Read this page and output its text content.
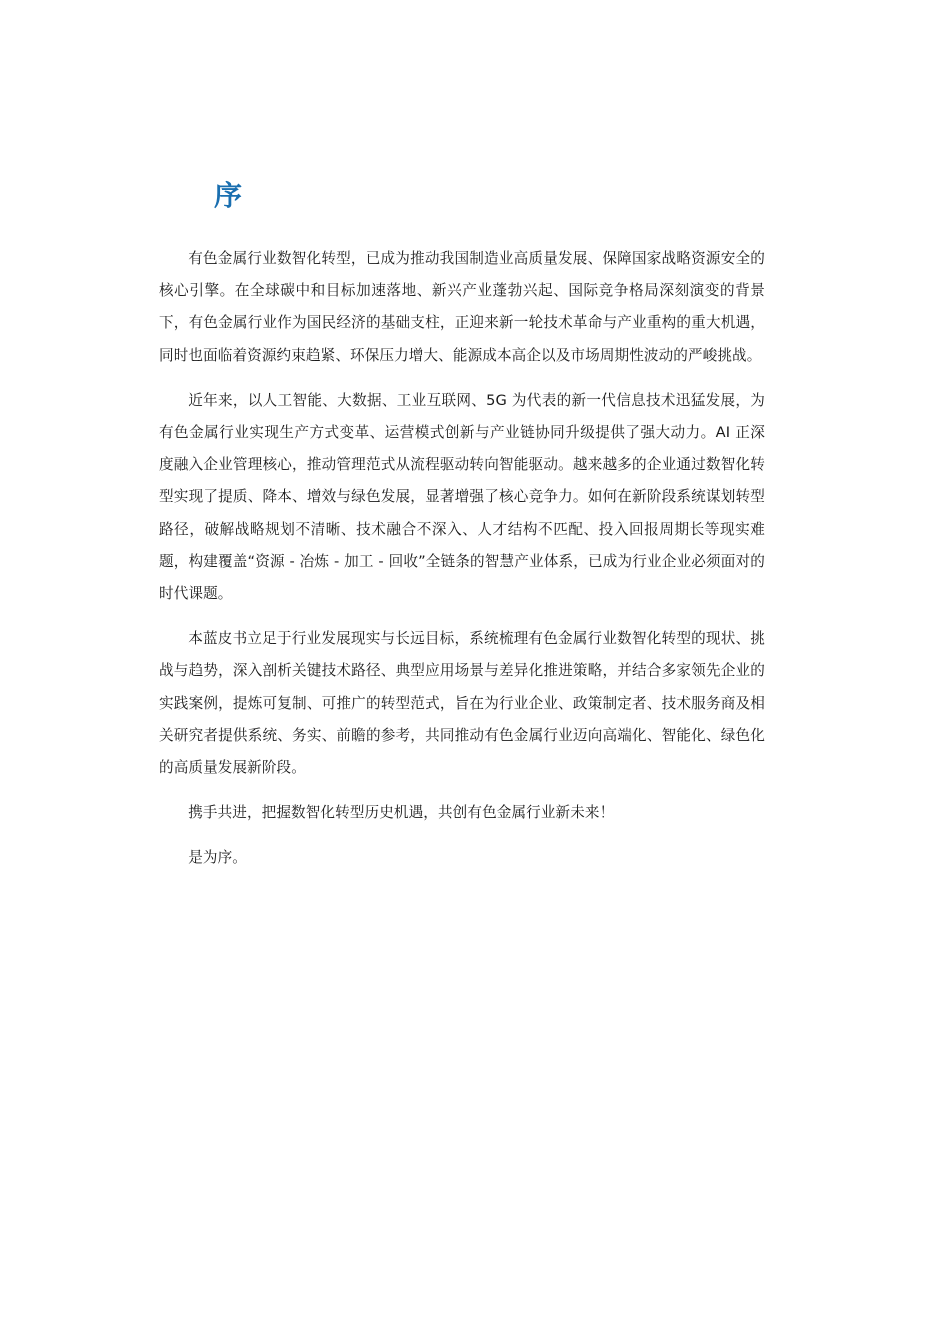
序

有色金属行业数智化转型，已成为推动我国制造业高质量发展、保障国家战略资源安全的核心引擎。在全球碳中和目标加速落地、新兴产业蓬勃兴起、国际竞争格局深刻演变的背景下，有色金属行业作为国民经济的基础支柱，正迎来新一轮技术革命与产业重构的重大机遇，同时也面临着资源约束趋紧、环保压力增大、能源成本高企以及市场周期性波动的严峻挑战。

近年来，以人工智能、大数据、工业互联网、5G 为代表的新一代信息技术迅猛发展，为有色金属行业实现生产方式变革、运营模式创新与产业链协同升级提供了强大动力。AI 正深度融入企业管理核心，推动管理范式从流程驱动转向智能驱动。越来越多的企业通过数智化转型实现了提质、降本、增效与绿色发展，显著增强了核心竞争力。如何在新阶段系统谋划转型路径，破解战略规划不清晰、技术融合不深入、人才结构不匹配、投入回报周期长等现实难题，构建覆盖“资源 - 冶炼 - 加工 - 回收”全链条的智慧产业体系，已成为行业企业必须面对的时代课题。

本蓝皮书立足于行业发展现实与长远目标，系统梳理有色金属行业数智化转型的现状、挑战与趋势，深入剖析关键技术路径、典型应用场景与差异化推进策略，并结合多家领先企业的实践案例，提炼可复制、可推广的转型范式，旨在为行业企业、政策制定者、技术服务商及相关研究者提供系统、务实、前瞻的参考，共同推动有色金属行业迈向高端化、智能化、绿色化的高质量发展新阶段。

携手共进，把握数智化转型历史机遇，共创有色金属行业新未来！

是为序。
